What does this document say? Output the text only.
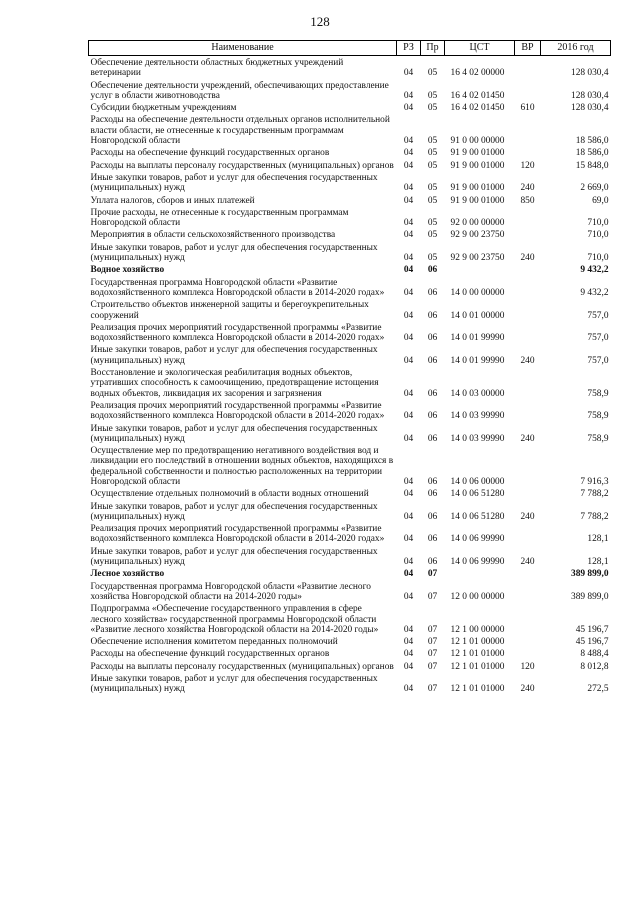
128
Наименование	РЗ	Пр	ЦСТ	ВР	2016 год
Обеспечение деятельности областных бюджетных учреждений ветеринарии	04	05	16 4 02 00000		128 030,4
Обеспечение деятельности учреждений, обеспечивающих предоставление услуг в области животноводства	04	05	16 4 02 01450		128 030,4
Субсидии бюджетным учреждениям	04	05	16 4 02 01450	610	128 030,4
Расходы на обеспечение деятельности отдельных органов исполнительной власти области, не отнесенные к государственным программам Новгородской области	04	05	91 0 00 00000		18 586,0
Расходы на обеспечение функций государственных органов	04	05	91 9 00 01000		18 586,0
Расходы на выплаты персоналу государственных (муниципальных) органов	04	05	91 9 00 01000	120	15 848,0
Иные закупки товаров, работ и услуг для обеспечения государственных (муниципальных) нужд	04	05	91 9 00 01000	240	2 669,0
Уплата налогов, сборов и иных платежей	04	05	91 9 00 01000	850	69,0
Прочие расходы, не отнесенные к государственным программам Новгородской области	04	05	92 0 00 00000		710,0
Мероприятия в области сельскохозяйственного производства	04	05	92 9 00 23750		710,0
Иные закупки товаров, работ и услуг для обеспечения государственных (муниципальных) нужд	04	05	92 9 00 23750	240	710,0
Водное хозяйство	04	06			9 432,2
Государственная программа Новгородской области «Развитие водохозяйственного комплекса Новгородской области в 2014-2020 годах»	04	06	14 0 00 00000		9 432,2
Строительство объектов инженерной защиты и берегоукрепительных сооружений	04	06	14 0 01 00000		757,0
Реализация прочих мероприятий государственной программы «Развитие водохозяйственного комплекса Новгородской области в 2014-2020 годах»	04	06	14 0 01 99990		757,0
Иные закупки товаров, работ и услуг для обеспечения государственных (муниципальных) нужд	04	06	14 0 01 99990	240	757,0
Восстановление и экологическая реабилитация водных объектов, утративших способность к самоочищению, предотвращение истощения водных объектов, ликвидация их засорения и загрязнения	04	06	14 0 03 00000		758,9
Реализация прочих мероприятий государственной программы «Развитие водохозяйственного комплекса Новгородской области в 2014-2020 годах»	04	06	14 0 03 99990		758,9
Иные закупки товаров, работ и услуг для обеспечения государственных (муниципальных) нужд	04	06	14 0 03 99990	240	758,9
Осуществление мер по предотвращению негативного воздействия вод и ликвидации его последствий в отношении водных объектов, находящихся в федеральной собственности и полностью расположенных на территории Новгородской области	04	06	14 0 06 00000		7 916,3
Осуществление отдельных полномочий в области водных отношений	04	06	14 0 06 51280		7 788,2
Иные закупки товаров, работ и услуг для обеспечения государственных (муниципальных) нужд	04	06	14 0 06 51280	240	7 788,2
Реализация прочих мероприятий государственной программы «Развитие водохозяйственного комплекса Новгородской области в 2014-2020 годах»	04	06	14 0 06 99990		128,1
Иные закупки товаров, работ и услуг для обеспечения государственных (муниципальных) нужд	04	06	14 0 06 99990	240	128,1
Лесное хозяйство	04	07			389 899,0
Государственная программа Новгородской области «Развитие лесного хозяйства Новгородской области на 2014-2020 годы»	04	07	12 0 00 00000		389 899,0
Подпрограмма «Обеспечение государственного управления в сфере лесного хозяйства» государственной программы Новгородской области «Развитие лесного хозяйства Новгородской области на 2014-2020 годы»	04	07	12 1 00 00000		45 196,7
Обеспечение исполнения комитетом переданных полномочий	04	07	12 1 01 00000		45 196,7
Расходы на обеспечение функций государственных органов	04	07	12 1 01 01000		8 488,4
Расходы на выплаты персоналу государственных (муниципальных) органов	04	07	12 1 01 01000	120	8 012,8
Иные закупки товаров, работ и услуг для обеспечения государственных (муниципальных) нужд	04	07	12 1 01 01000	240	272,5
